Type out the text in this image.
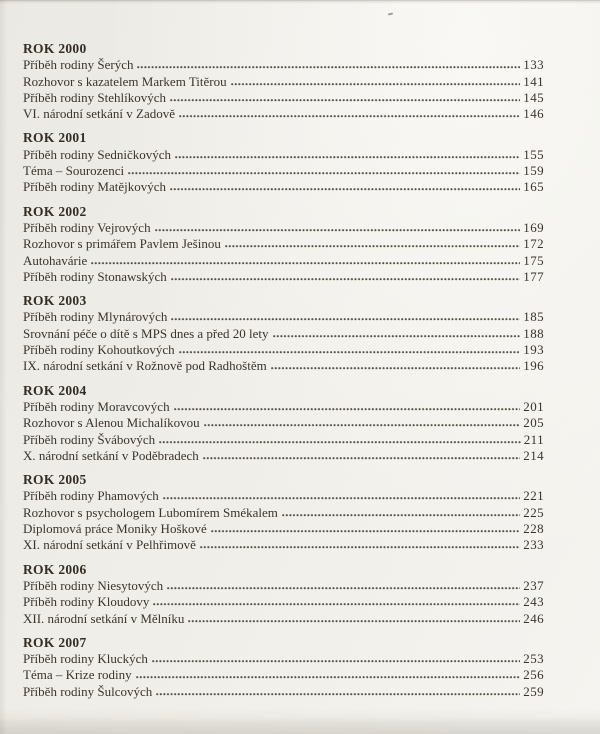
ROK 2000
Příběh rodiny Šerých	133
Rozhovor s kazatelem Markem Titěrou	141
Příběh rodiny Stehlíkových	145
VI. národní setkání v Zadově	146
ROK 2001
Příběh rodiny Sedničkových	155
Téma – Sourozenci	159
Příběh rodiny Matějkových	165
ROK 2002
Příběh rodiny Vejrových	169
Rozhovor s primářem Pavlem Ješinou	172
Autohavárie	175
Příběh rodiny Stonawských	177
ROK 2003
Příběh rodiny Mlynárových	185
Srovnání péče o dítě s MPS dnes a před 20 lety	188
Příběh rodiny Kohoutkových	193
IX. národní setkání v Rožnově pod Radhoštěm	196
ROK 2004
Příběh rodiny Moravcových	201
Rozhovor s Alenou Michalíkovou	205
Příběh rodiny Švábových	211
X. národní setkání v Poděbradech	214
ROK 2005
Příběh rodiny Phamových	221
Rozhovor s psychologem Lubomírem Smékalem	225
Diplomová práce Moniky Hoškové	228
XI. národní setkání v Pelhřimově	233
ROK 2006
Příběh rodiny Niesytových	237
Příběh rodiny Kloudovy	243
XII. národní setkání v Mělníku	246
ROK 2007
Příběh rodiny Kluckých	253
Téma – Krize rodiny	256
Příběh rodiny Šulcových	259
